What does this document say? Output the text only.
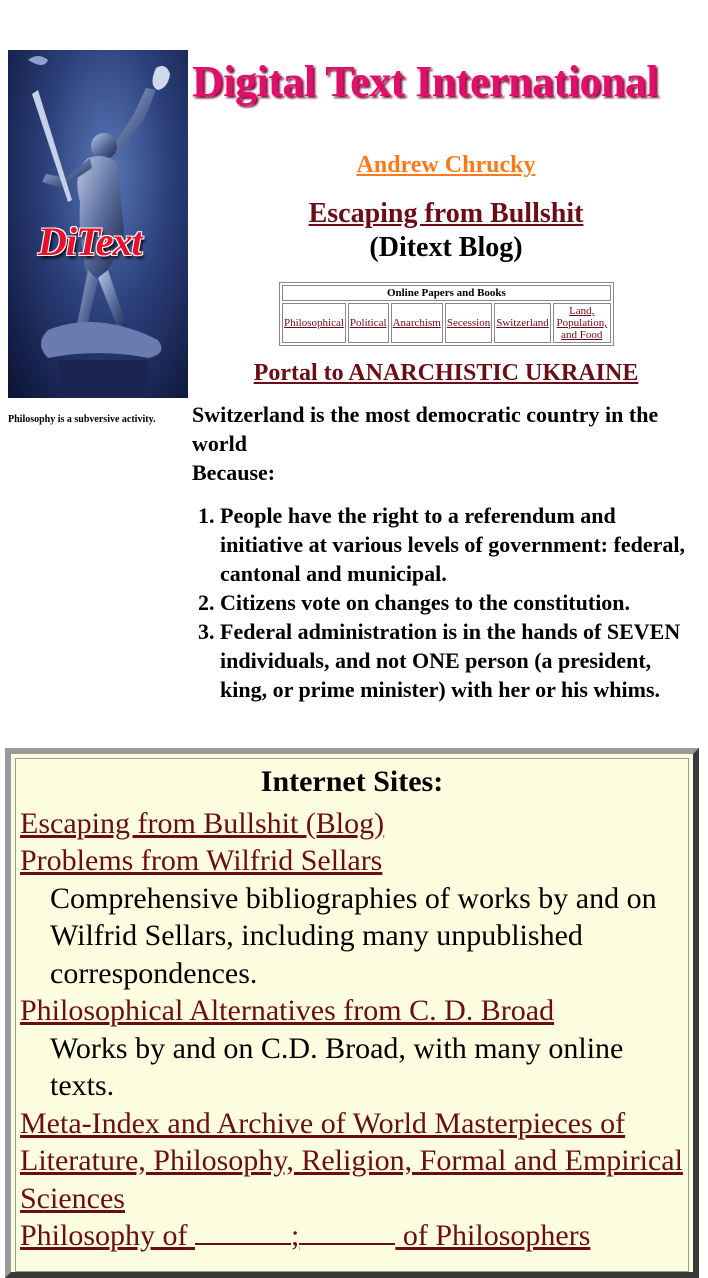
DiText
Digital Text International
Andrew Chrucky
Escaping from Bullshit
(Ditext Blog)
Online Papers and Books
Philosophical	Political	Anarchism	Secession	Switzerland	Land, Population, and Food
Portal to ANARCHISTIC UKRAINE
Philosophy is a subversive activity. Switzerland is the most democratic country in the world
Because:
1. People have the right to a referendum and initiative at various levels of government: federal, cantonal and municipal.
2. Citizens vote on changes to the constitution.
3. Federal administration is in the hands of SEVEN individuals, and not ONE person (a president, king, or prime minister) with her or his whims.
Internet Sites:
Escaping from Bullshit (Blog)
Problems from Wilfrid Sellars
Comprehensive bibliographies of works by and on Wilfrid Sellars, including many unpublished correspondences.
Philosophical Alternatives from C. D. Broad
Works by and on C.D. Broad, with many online texts.
Meta-Index and Archive of World Masterpieces of Literature, Philosophy, Religion, Formal and Empirical Sciences
Philosophy of	;	of Philosophers
